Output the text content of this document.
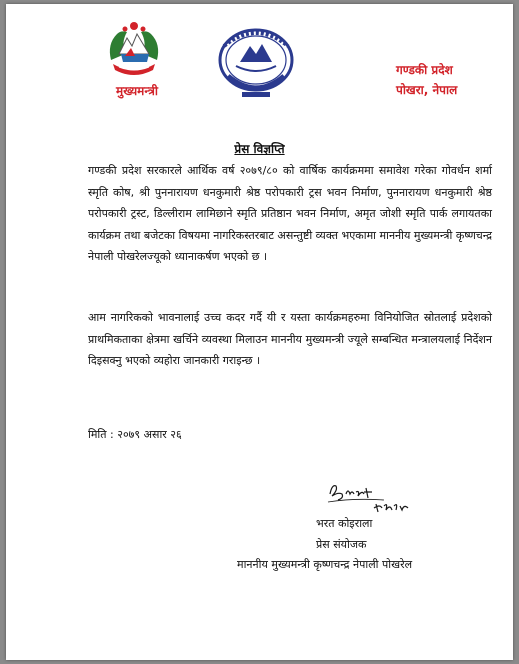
मुख्यमन्त्री
गण्डकी प्रदेश
पोखरा, नेपाल
प्रेस विज्ञप्ति
गण्डकी प्रदेश सरकारले आर्थिक वर्ष २०७९/८० को वार्षिक कार्यक्रममा समावेश गरेका गोवर्धन शर्मा स्मृति कोष, श्री पुननारायण धनकुमारी श्रेष्ठ परोपकारी ट्रस भवन निर्माण, पुननारायण धनकुमारी श्रेष्ठ परोपकारी ट्रस्ट, डिल्लीराम लामिछाने स्मृति प्रतिष्ठान भवन निर्माण, अमृत जोशी स्मृति पार्क लगायतका कार्यक्रम तथा बजेटका विषयमा नागरिकस्तरबाट असन्तुष्टी व्यक्त भएकामा माननीय मुख्यमन्त्री कृष्णचन्द्र नेपाली पोखरेलज्यूको ध्यानाकर्षण भएको छ ।
आम नागरिकको भावनालाई उच्च कदर गर्दै यी र यस्ता कार्यक्रमहरुमा विनियोजित स्रोतलाई प्रदेशको प्राथमिकताका क्षेत्रमा खर्चिने व्यवस्था मिलाउन माननीय मुख्यमन्त्री ज्यूले सम्बन्धित मन्त्रालयलाई निर्देशन दिइसक्नु भएको व्यहोरा जानकारी गराइन्छ ।
मिति : २०७९ असार २६
भरत कोइराला
प्रेस संयोजक
माननीय मुख्यमन्त्री कृष्णचन्द्र नेपाली पोखरेल
